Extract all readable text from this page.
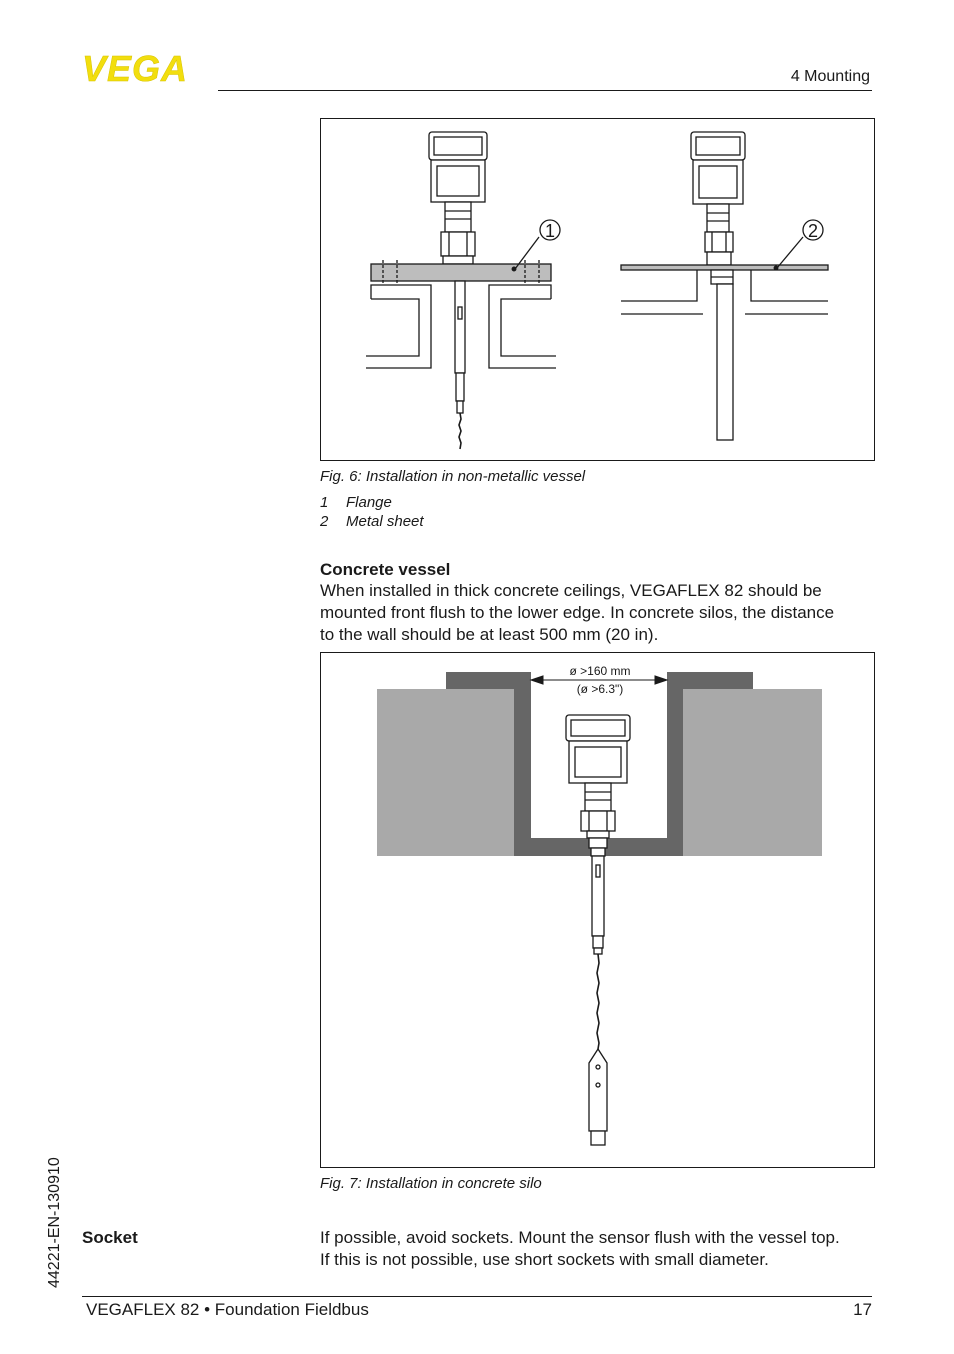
VEGA	4 Mounting
1	2
Fig. 6: Installation in non-metallic vessel
1 Flange
2 Metal sheet
Concrete vessel
When installed in thick concrete ceilings, VEGAFLEX 82 should be
mounted front flush to the lower edge. In concrete silos, the distance
to the wall should be at least 500 mm (20 in).
ø >160 mm
(ø >6.3")
Fig. 7: Installation in concrete silo
Socket	If possible, avoid sockets. Mount the sensor flush with the vessel top.
If this is not possible, use short sockets with small diameter.
44221-EN-130910
VEGAFLEX 82 • Foundation Fieldbus	17
